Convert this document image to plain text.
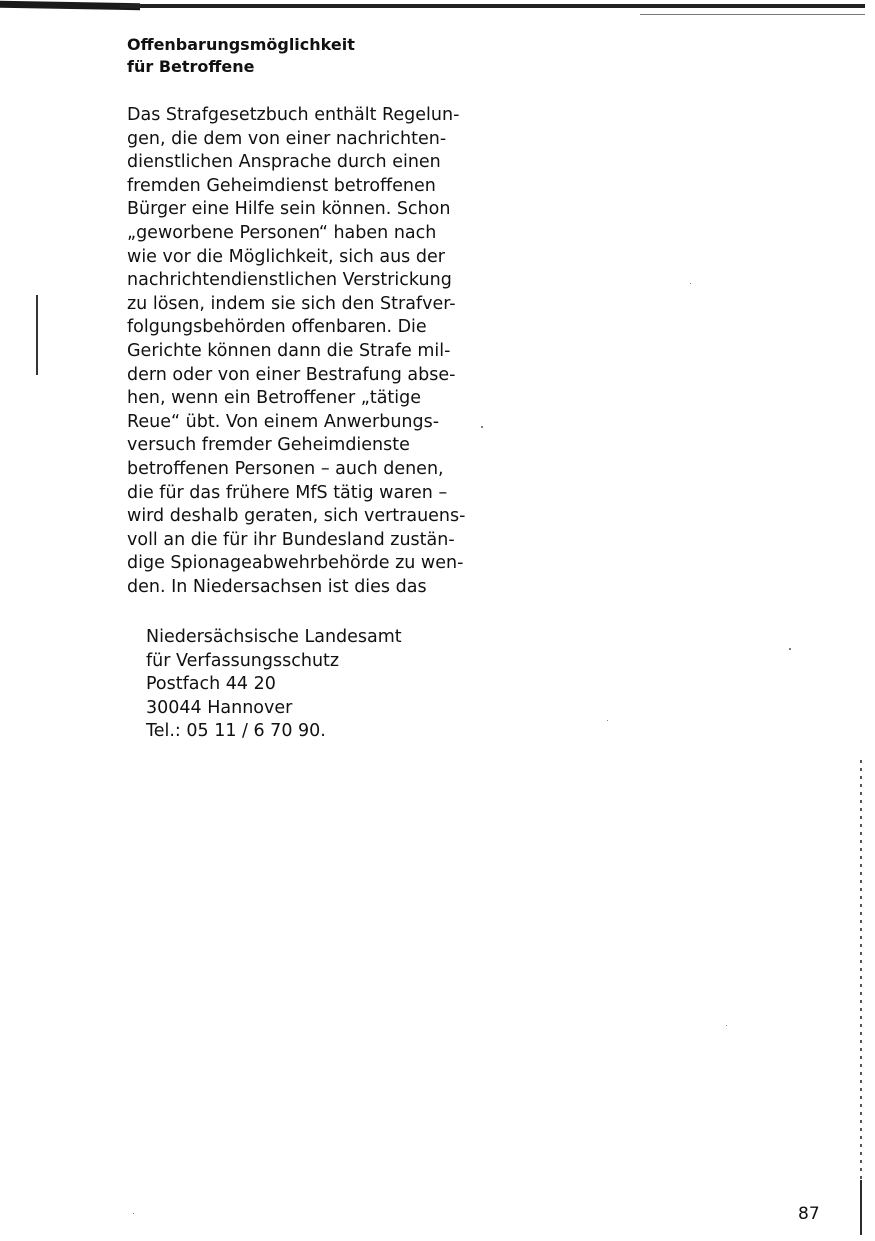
Offenbarungsmöglichkeit
für Betroffene
Das Strafgesetzbuch enthält Regelun-
gen, die dem von einer nachrichten-
dienstlichen Ansprache durch einen
fremden Geheimdienst betroffenen
Bürger eine Hilfe sein können. Schon
„geworbene Personen“ haben nach
wie vor die Möglichkeit, sich aus der
nachrichtendienstlichen Verstrickung
zu lösen, indem sie sich den Strafver-
folgungsbehörden offenbaren. Die
Gerichte können dann die Strafe mil-
dern oder von einer Bestrafung abse-
hen, wenn ein Betroffener „tätige
Reue“ übt. Von einem Anwerbungs-
versuch fremder Geheimdienste
betroffenen Personen – auch denen,
die für das frühere MfS tätig waren –
wird deshalb geraten, sich vertrauens-
voll an die für ihr Bundesland zustän-
dige Spionageabwehrbehörde zu wen-
den. In Niedersachsen ist dies das
Niedersächsische Landesamt
für Verfassungsschutz
Postfach 44 20
30044 Hannover
Tel.: 05 11 / 6 70 90.
87
